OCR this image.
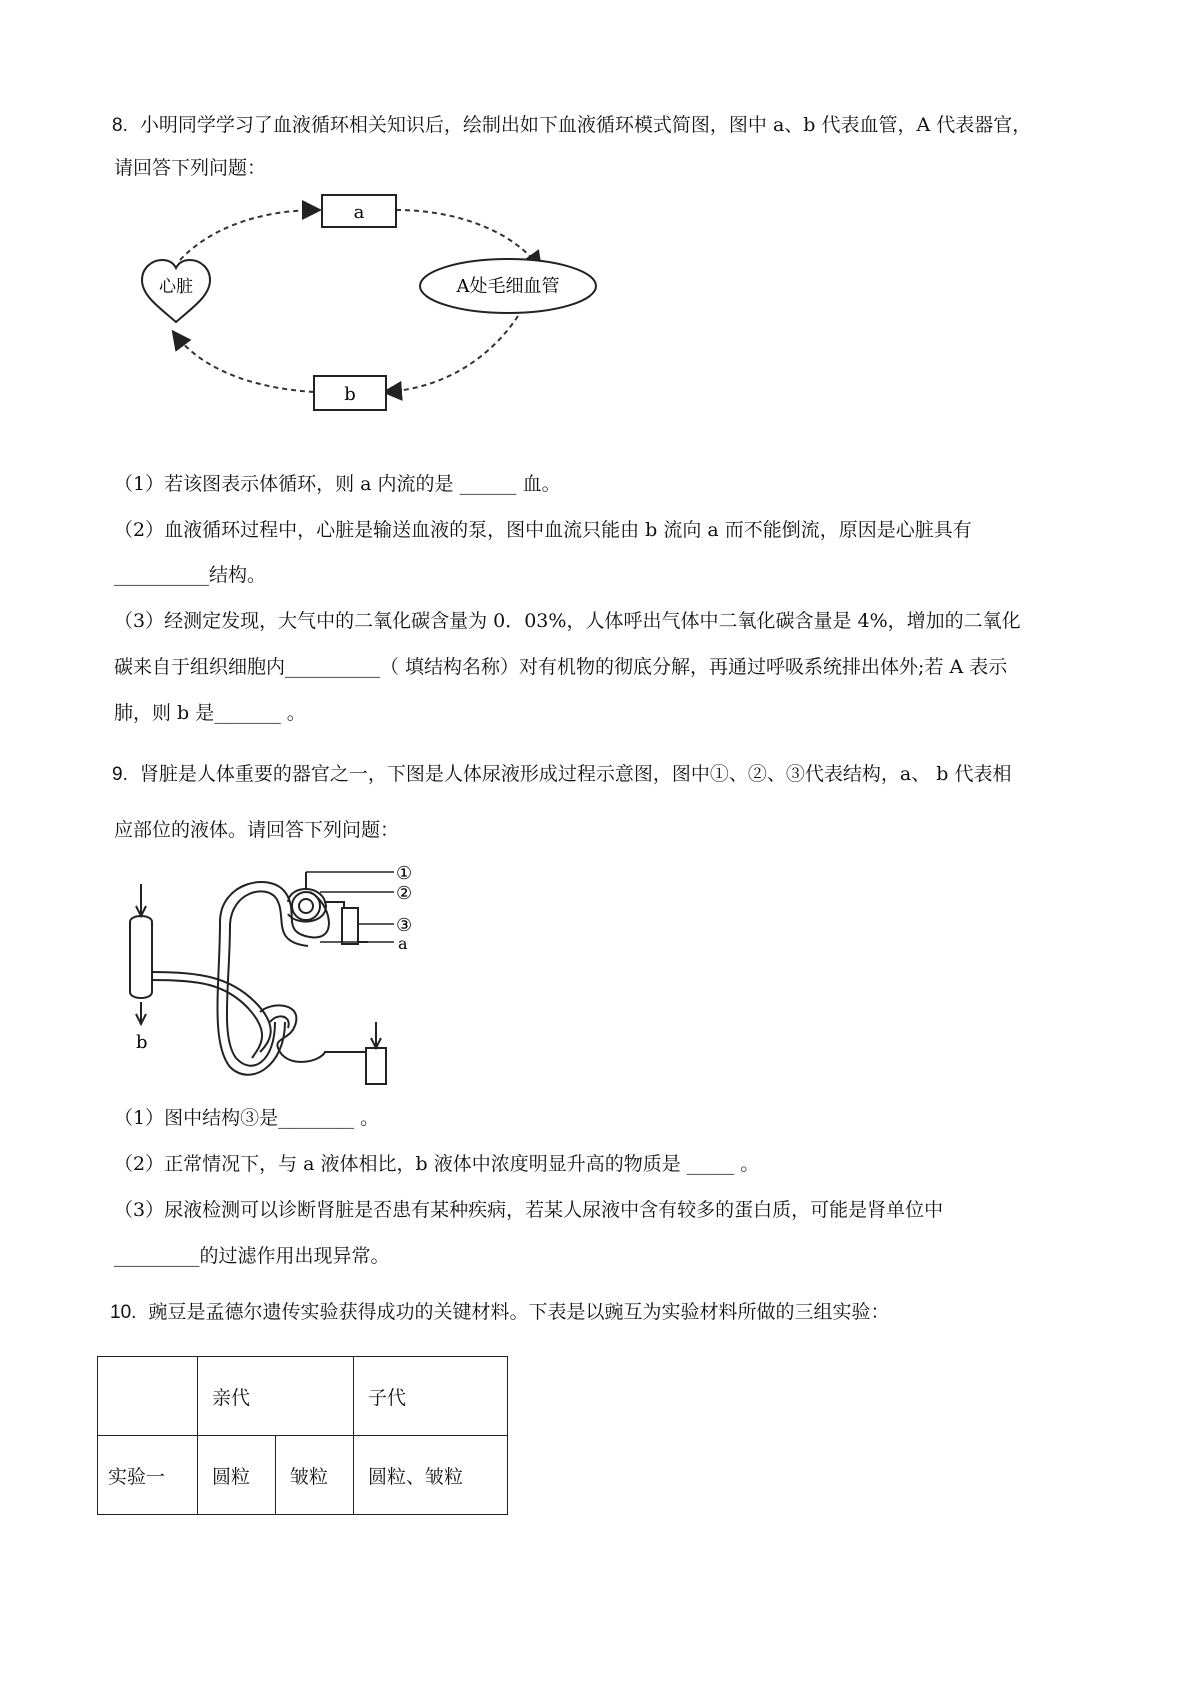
8. 小明同学学习了血液循环相关知识后，绘制出如下血液循环模式简图，图中 a、b 代表血管，A 代表器官，
请回答下列问题：
a
b
心脏	A处毛细血管
（1）若该图表示体循环，则 a 内流的是 ______ 血。
（2）血液循环过程中，心脏是输送血液的泵，图中血流只能由 b 流向 a 而不能倒流，原因是心脏具有
__________结构。
（3）经测定发现，大气中的二氧化碳含量为 0．03%，人体呼出气体中二氧化碳含量是 4%，增加的二氧化
碳来自于组织细胞内__________（ 填结构名称）对有机物的彻底分解，再通过呼吸系统排出体外;若 A 表示
肺，则 b 是_______ 。
9. 肾脏是人体重要的器官之一，下图是人体尿液形成过程示意图，图中①、②、③代表结构，a、 b 代表相
应部位的液体。请回答下列问题：
b
①
②
③
a
（1）图中结构③是________ 。
（2）正常情况下，与 a 液体相比，b 液体中浓度明显升高的物质是 _____ 。
（3）尿液检测可以诊断肾脏是否患有某种疾病，若某人尿液中含有较多的蛋白质，可能是肾单位中
_________的过滤作用出现异常。
10. 豌豆是孟德尔遗传实验获得成功的关键材料。下表是以豌互为实验材料所做的三组实验：
	亲代		子代
实验一	圆粒	皱粒	圆粒、皱粒
